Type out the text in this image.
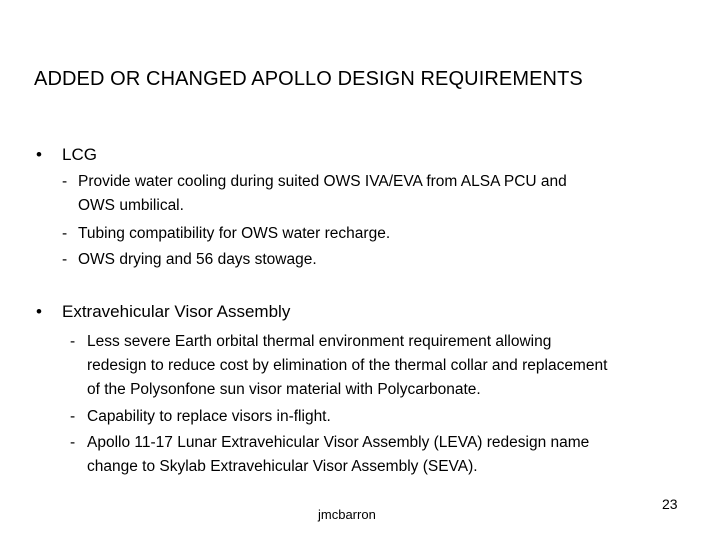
ADDED OR CHANGED APOLLO DESIGN REQUIREMENTS
• LCG
- Provide water cooling during suited OWS IVA/EVA from ALSA PCU and
OWS umbilical.
- Tubing compatibility for OWS water recharge.
- OWS drying and 56 days stowage.
• Extravehicular Visor Assembly
- Less severe Earth orbital thermal environment requirement allowing
redesign to reduce cost by elimination of the thermal collar and replacement
of the Polysonfone sun visor material with Polycarbonate.
- Capability to replace visors in-flight.
- Apollo 11-17 Lunar Extravehicular Visor Assembly (LEVA) redesign name
change to Skylab Extravehicular Visor Assembly (SEVA).
jmcbarron
23
